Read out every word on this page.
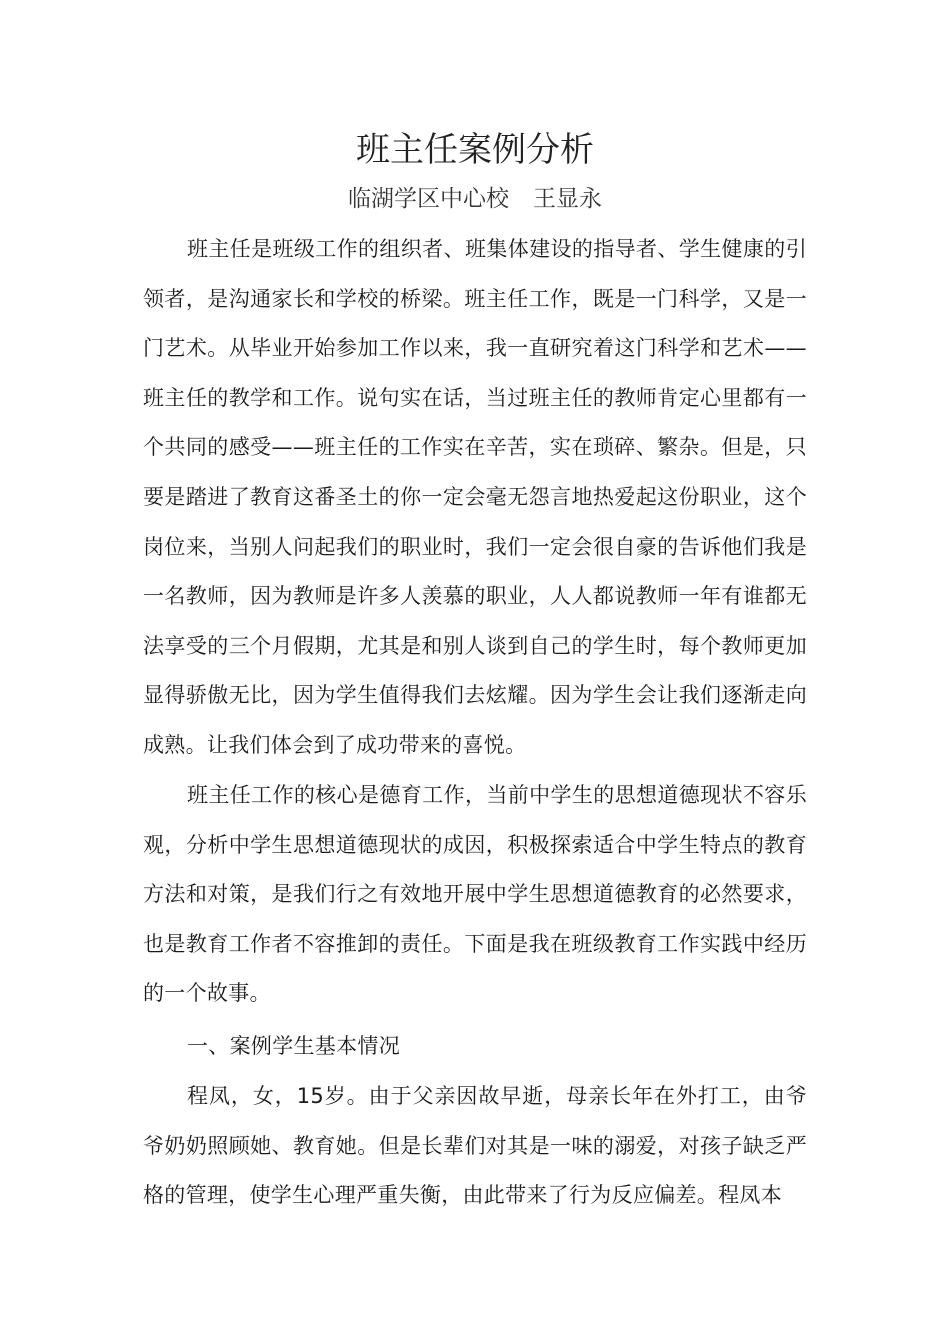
班主任案例分析

临湖学区中心校 王显永

班主任是班级工作的组织者、班集体建设的指导者、学生健康的引领者，是沟通家长和学校的桥梁。班主任工作，既是一门科学，又是一门艺术。从毕业开始参加工作以来，我一直研究着这门科学和艺术——班主任的教学和工作。说句实在话，当过班主任的教师肯定心里都有一个共同的感受——班主任的工作实在辛苦，实在琐碎、繁杂。但是，只要是踏进了教育这番圣土的你一定会毫无怨言地热爱起这份职业，这个岗位来，当别人问起我们的职业时，我们一定会很自豪的告诉他们我是一名教师，因为教师是许多人羡慕的职业，人人都说教师一年有谁都无法享受的三个月假期，尤其是和别人谈到自己的学生时，每个教师更加显得骄傲无比，因为学生值得我们去炫耀。因为学生会让我们逐渐走向成熟。让我们体会到了成功带来的喜悦。

班主任工作的核心是德育工作，当前中学生的思想道德现状不容乐观，分析中学生思想道德现状的成因，积极探索适合中学生特点的教育方法和对策，是我们行之有效地开展中学生思想道德教育的必然要求，也是教育工作者不容推卸的责任。下面是我在班级教育工作实践中经历的一个故事。

一、案例学生基本情况

程凤，女，15岁。由于父亲因故早逝，母亲长年在外打工，由爷爷奶奶照顾她、教育她。但是长辈们对其是一味的溺爱，对孩子缺乏严格的管理，使学生心理严重失衡，由此带来了行为反应偏差。程凤本
